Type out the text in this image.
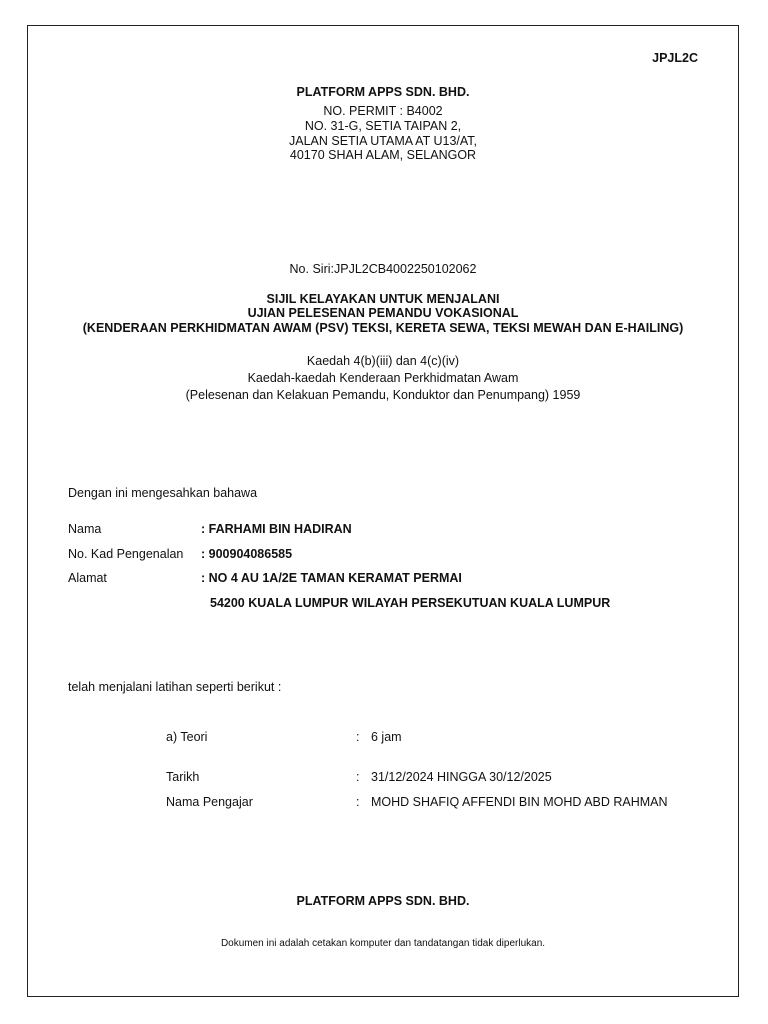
JPJL2C
PLATFORM APPS SDN. BHD.
NO. PERMIT : B4002
NO. 31-G, SETIA TAIPAN 2,
JALAN SETIA UTAMA AT U13/AT,
40170 SHAH ALAM, SELANGOR
No. Siri:JPJL2CB4002250102062
SIJIL KELAYAKAN UNTUK MENJALANI
UJIAN PELESENAN PEMANDU VOKASIONAL
(KENDERAAN PERKHIDMATAN AWAM (PSV) TEKSI, KERETA SEWA, TEKSI MEWAH DAN E-HAILING)
Kaedah 4(b)(iii) dan 4(c)(iv)
Kaedah-kaedah Kenderaan Perkhidmatan Awam
(Pelesenan dan Kelakuan Pemandu, Konduktor dan Penumpang) 1959
Dengan ini mengesahkan bahawa
Nama	: FARHAMI BIN HADIRAN
No. Kad Pengenalan : 900904086585
Alamat	: NO 4 AU 1A/2E TAMAN KERAMAT PERMAI
54200 KUALA LUMPUR WILAYAH PERSEKUTUAN KUALA LUMPUR
telah menjalani latihan seperti berikut :
a) Teori	: 6 jam
Tarikh	: 31/12/2024 HINGGA 30/12/2025
Nama Pengajar	: MOHD SHAFIQ AFFENDI BIN MOHD ABD RAHMAN
PLATFORM APPS SDN. BHD.
Dokumen ini adalah cetakan komputer dan tandatangan tidak diperlukan.
